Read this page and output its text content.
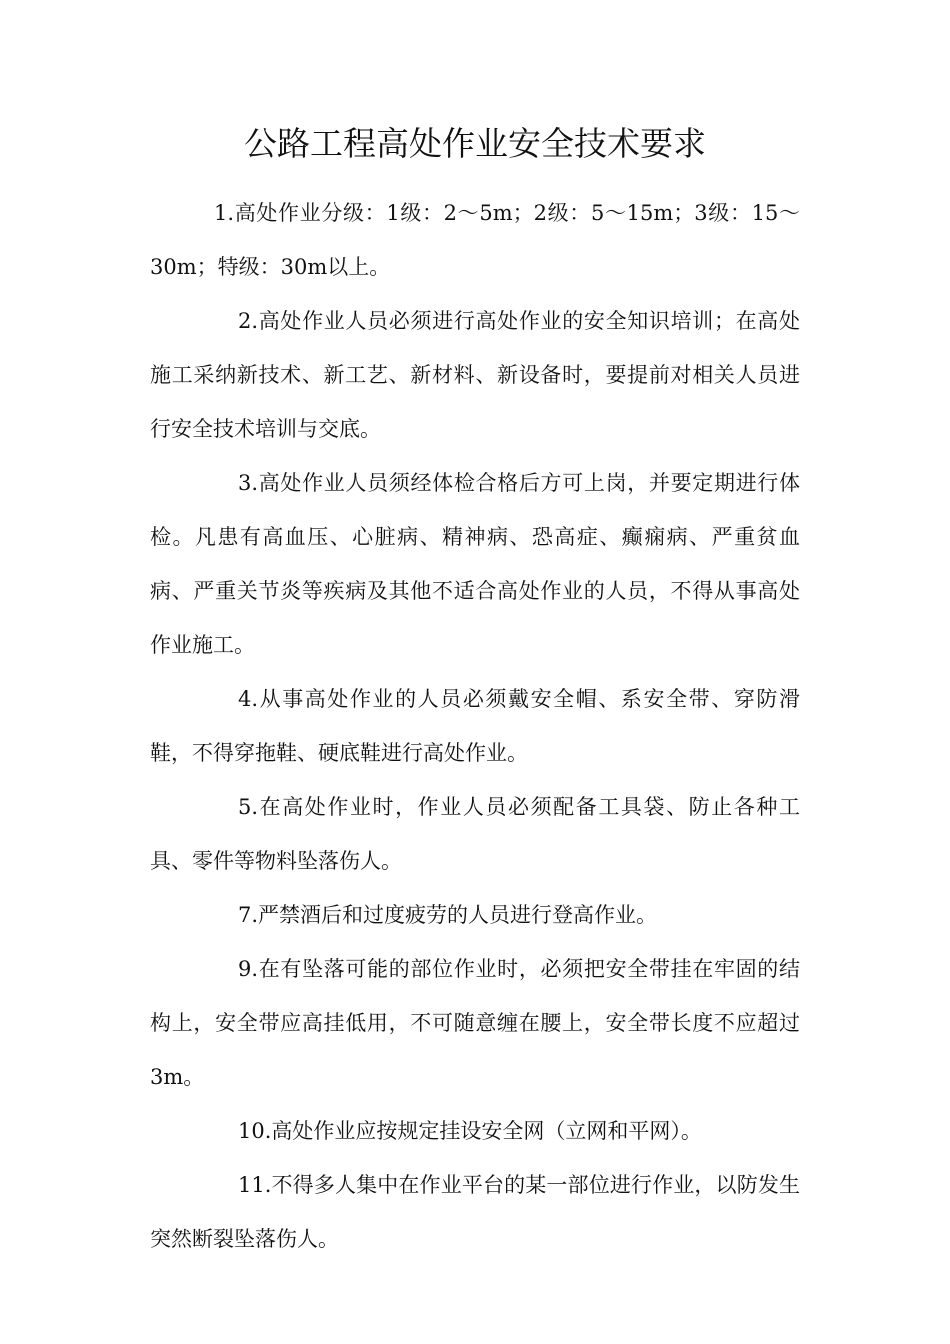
公路工程高处作业安全技术要求

1.高处作业分级：1级：2～5m；2级：5～15m；3级：15～30m；特级：30m以上。

2.高处作业人员必须进行高处作业的安全知识培训；在高处施工采纳新技术、新工艺、新材料、新设备时，要提前对相关人员进行安全技术培训与交底。

3.高处作业人员须经体检合格后方可上岗，并要定期进行体检。凡患有高血压、心脏病、精神病、恐高症、癫痫病、严重贫血病、严重关节炎等疾病及其他不适合高处作业的人员，不得从事高处作业施工。

4.从事高处作业的人员必须戴安全帽、系安全带、穿防滑鞋，不得穿拖鞋、硬底鞋进行高处作业。

5.在高处作业时，作业人员必须配备工具袋、防止各种工具、零件等物料坠落伤人。

7.严禁酒后和过度疲劳的人员进行登高作业。

9.在有坠落可能的部位作业时，必须把安全带挂在牢固的结构上，安全带应高挂低用，不可随意缠在腰上，安全带长度不应超过3m。

10.高处作业应按规定挂设安全网（立网和平网）。

11.不得多人集中在作业平台的某一部位进行作业，以防发生突然断裂坠落伤人。
